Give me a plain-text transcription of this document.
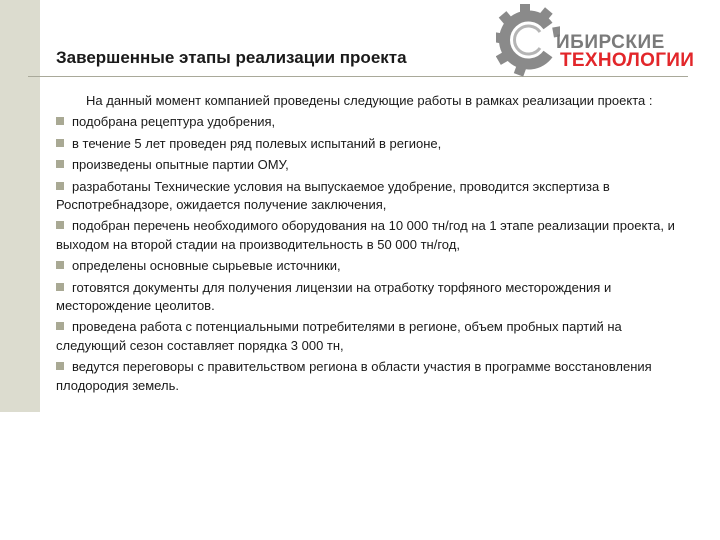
Завершенные этапы реализации проекта
ИБИРСКИЕ
ТЕХНОЛОГИИ

На данный момент компанией проведены следующие работы в рамках реализации проекта :

подобрана рецептура удобрения,
в течение 5 лет проведен ряд полевых испытаний в регионе,
произведены опытные партии ОМУ,
разработаны Технические условия на выпускаемое удобрение, проводится экспертиза в Роспотребнадзоре, ожидается получение заключения,
подобран перечень необходимого оборудования на 10 000 тн/год на 1 этапе реализации проекта, и выходом на второй стадии на производительность в 50 000 тн/год,
определены основные сырьевые источники,
готовятся документы для получения лицензии на отработку торфяного месторождения и месторождение цеолитов.
проведена работа с потенциальными потребителями в регионе, объем пробных партий на следующий сезон составляет порядка 3 000 тн,
ведутся переговоры с правительством региона в области участия в программе восстановления плодородия земель.
